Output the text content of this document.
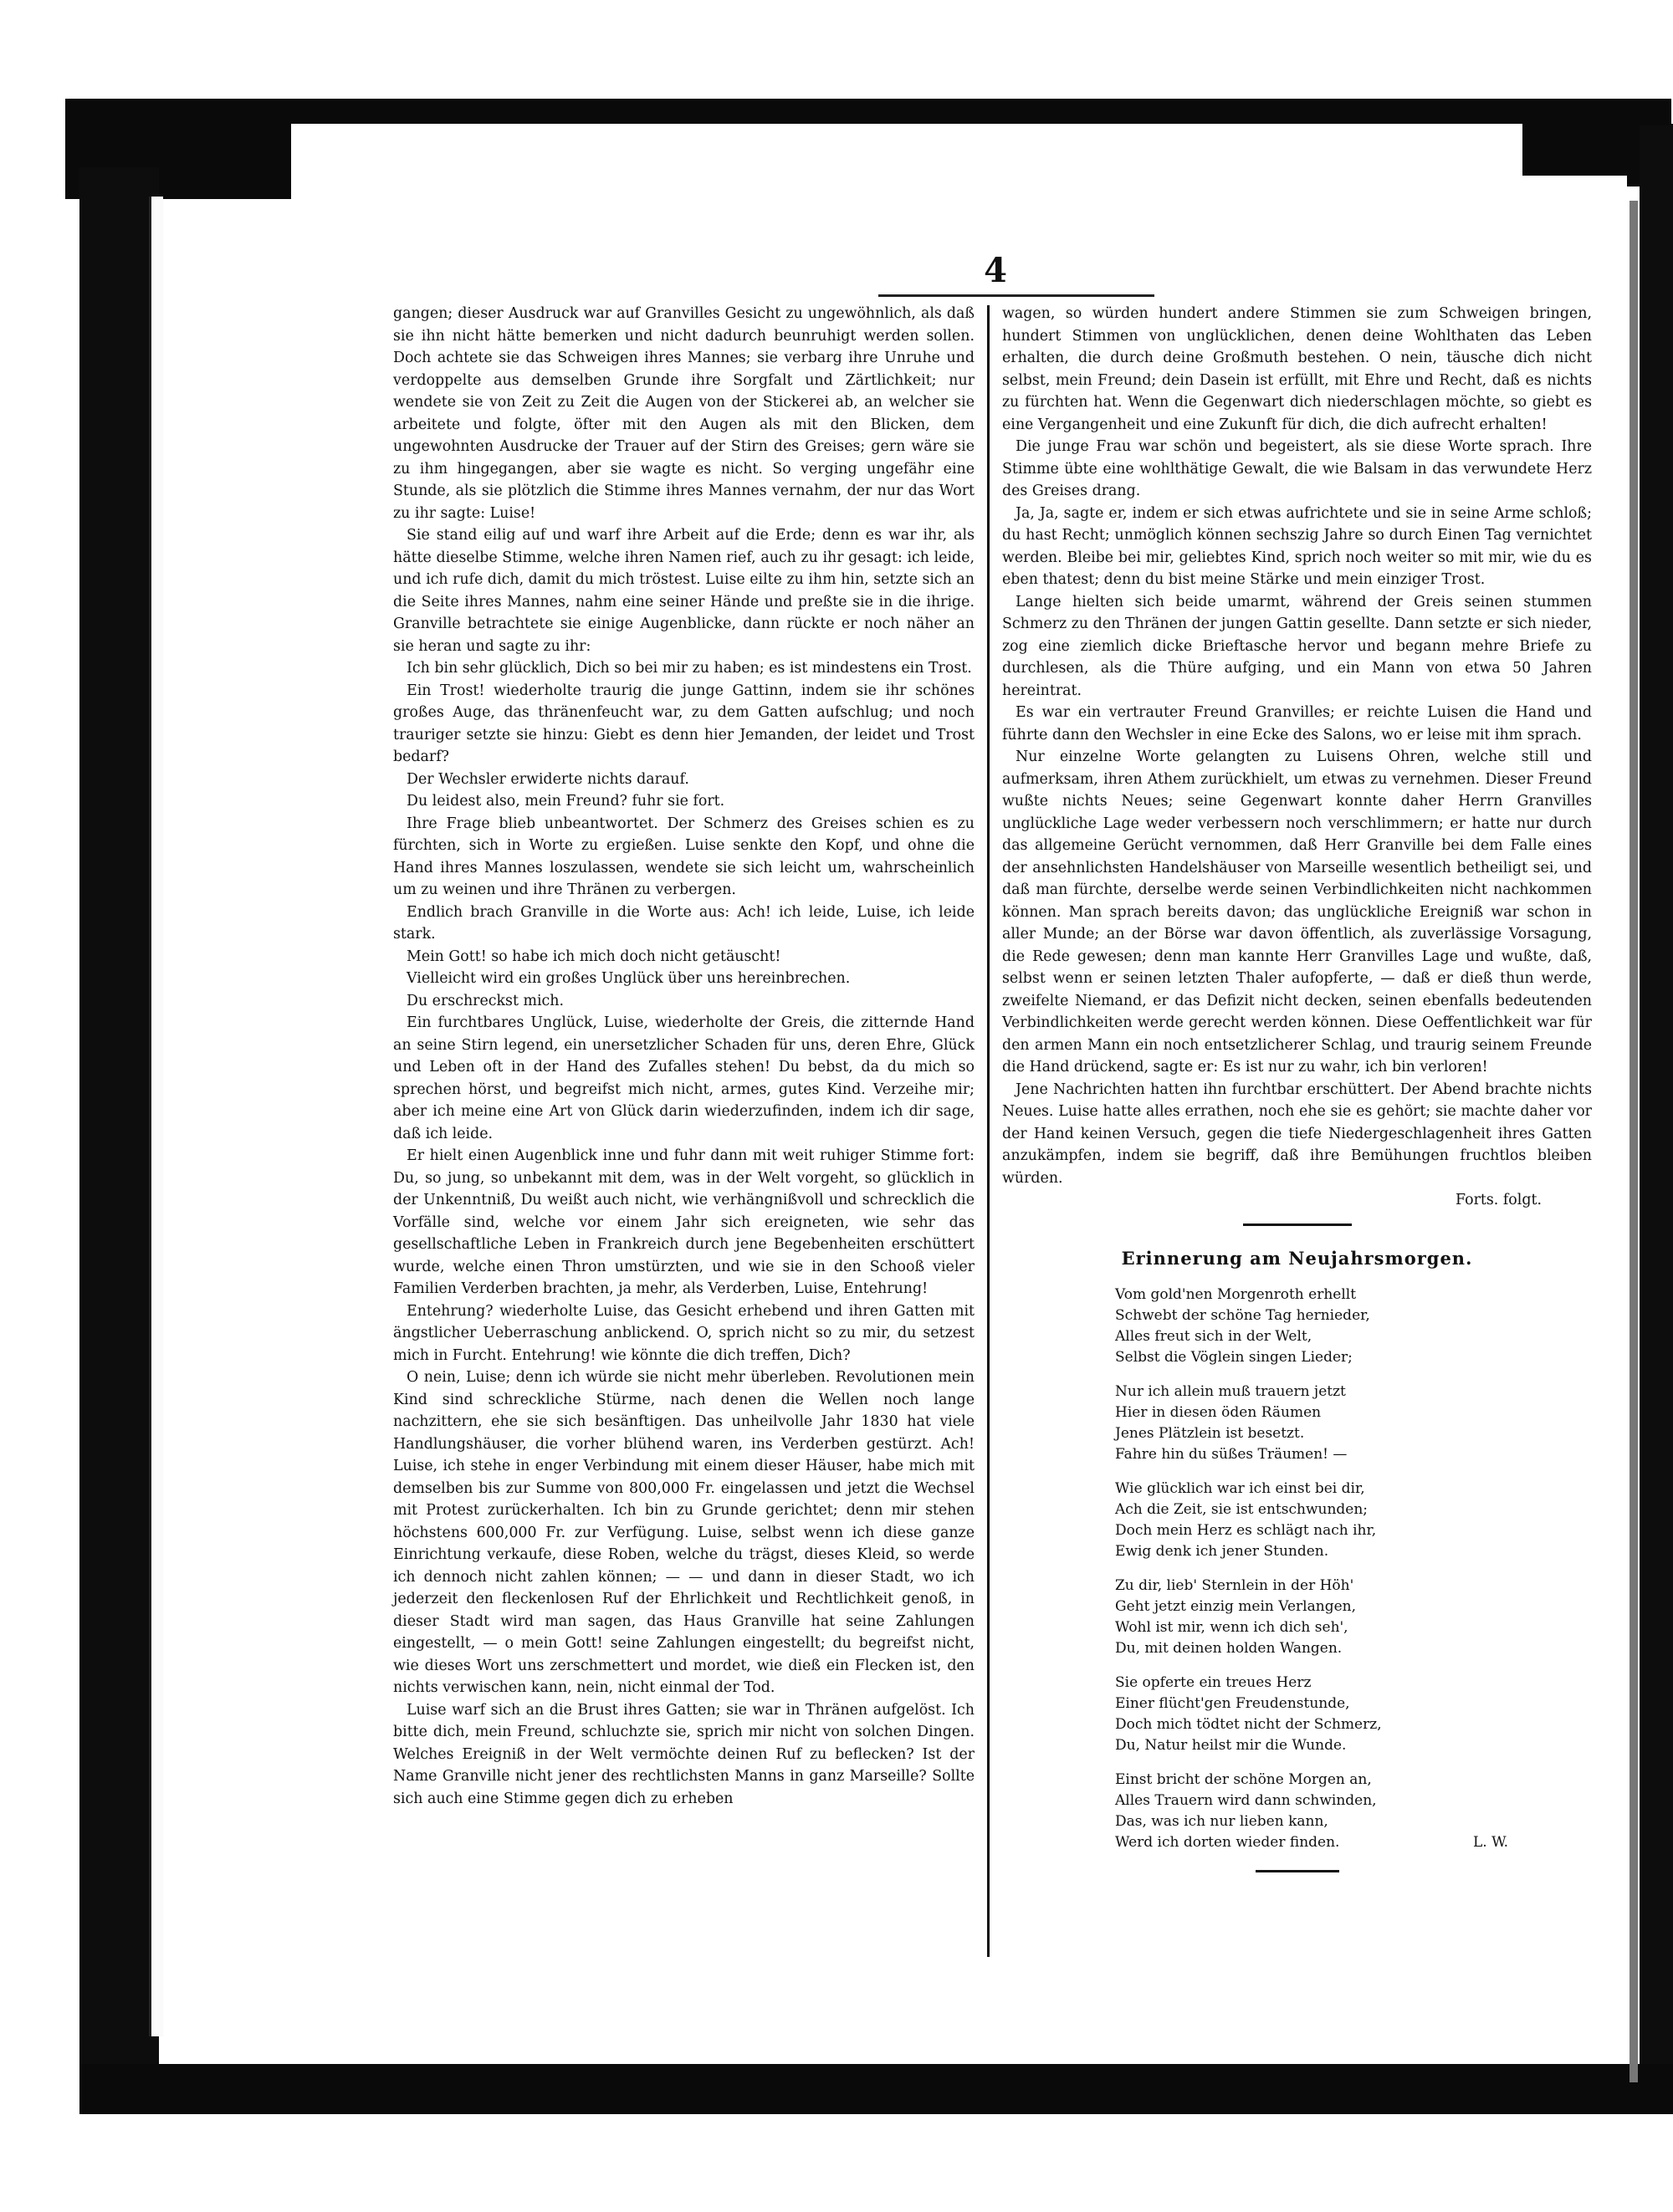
4

gangen; dieser Ausdruck war auf Granvilles Gesicht zu ungewöhnlich, als daß sie ihn nicht hätte bemerken und nicht dadurch beunruhigt werden sollen. Doch achtete sie das Schweigen ihres Mannes; sie verbarg ihre Unruhe und verdoppelte aus demselben Grunde ihre Sorgfalt und Zärtlichkeit; nur wendete sie von Zeit zu Zeit die Augen von der Stickerei ab, an welcher sie arbeitete und folgte, öfter mit den Augen als mit den Blicken, dem ungewohnten Ausdrucke der Trauer auf der Stirn des Greises; gern wäre sie zu ihm hingegangen, aber sie wagte es nicht. So verging ungefähr eine Stunde, als sie plötzlich die Stimme ihres Mannes vernahm, der nur das Wort zu ihr sagte: Luise!

Sie stand eilig auf und warf ihre Arbeit auf die Erde; denn es war ihr, als hätte dieselbe Stimme, welche ihren Namen rief, auch zu ihr gesagt: ich leide, und ich rufe dich, damit du mich tröstest. Luise eilte zu ihm hin, setzte sich an die Seite ihres Mannes, nahm eine seiner Hände und preßte sie in die ihrige. Granville betrachtete sie einige Augenblicke, dann rückte er noch näher an sie heran und sagte zu ihr:

Ich bin sehr glücklich, Dich so bei mir zu haben; es ist mindestens ein Trost.

Ein Trost! wiederholte traurig die junge Gattinn, indem sie ihr schönes großes Auge, das thränenfeucht war, zu dem Gatten aufschlug; und noch trauriger setzte sie hinzu: Giebt es denn hier Jemanden, der leidet und Trost bedarf?

Der Wechsler erwiderte nichts darauf.

Du leidest also, mein Freund? fuhr sie fort.

Ihre Frage blieb unbeantwortet. Der Schmerz des Greises schien es zu fürchten, sich in Worte zu ergießen. Luise senkte den Kopf, und ohne die Hand ihres Mannes loszulassen, wendete sie sich leicht um, wahrscheinlich um zu weinen und ihre Thränen zu verbergen.

Endlich brach Granville in die Worte aus: Ach! ich leide, Luise, ich leide stark.

Mein Gott! so habe ich mich doch nicht getäuscht!

Vielleicht wird ein großes Unglück über uns hereinbrechen.

Du erschreckst mich.

Ein furchtbares Unglück, Luise, wiederholte der Greis, die zitternde Hand an seine Stirn legend, ein unersetzlicher Schaden für uns, deren Ehre, Glück und Leben oft in der Hand des Zufalles stehen! Du bebst, da du mich so sprechen hörst, und begreifst mich nicht, armes, gutes Kind. Verzeihe mir; aber ich meine eine Art von Glück darin wiederzufinden, indem ich dir sage, daß ich leide.

Er hielt einen Augenblick inne und fuhr dann mit weit ruhiger Stimme fort: Du, so jung, so unbekannt mit dem, was in der Welt vorgeht, so glücklich in der Unkenntniß, Du weißt auch nicht, wie verhängnißvoll und schrecklich die Vorfälle sind, welche vor einem Jahr sich ereigneten, wie sehr das gesellschaftliche Leben in Frankreich durch jene Begebenheiten erschüttert wurde, welche einen Thron umstürzten, und wie sie in den Schooß vieler Familien Verderben brachten, ja mehr, als Verderben, Luise, Entehrung!

Entehrung? wiederholte Luise, das Gesicht erhebend und ihren Gatten mit ängstlicher Ueberraschung anblickend. O, sprich nicht so zu mir, du setzest mich in Furcht. Entehrung! wie könnte die dich treffen, Dich?

O nein, Luise; denn ich würde sie nicht mehr überleben. Revolutionen mein Kind sind schreckliche Stürme, nach denen die Wellen noch lange nachzittern, ehe sie sich besänftigen. Das unheilvolle Jahr 1830 hat viele Handlungshäuser, die vorher blühend waren, ins Verderben gestürzt. Ach! Luise, ich stehe in enger Verbindung mit einem dieser Häuser, habe mich mit demselben bis zur Summe von 800,000 Fr. eingelassen und jetzt die Wechsel mit Protest zurückerhalten. Ich bin zu Grunde gerichtet; denn mir stehen höchstens 600,000 Fr. zur Verfügung. Luise, selbst wenn ich diese ganze Einrichtung verkaufe, diese Roben, welche du trägst, dieses Kleid, so werde ich dennoch nicht zahlen können; — — und dann in dieser Stadt, wo ich jederzeit den fleckenlosen Ruf der Ehrlichkeit und Rechtlichkeit genoß, in dieser Stadt wird man sagen, das Haus Granville hat seine Zahlungen eingestellt, — o mein Gott! seine Zahlungen eingestellt; du begreifst nicht, wie dieses Wort uns zerschmettert und mordet, wie dieß ein Flecken ist, den nichts verwischen kann, nein, nicht einmal der Tod.

Luise warf sich an die Brust ihres Gatten; sie war in Thränen aufgelöst. Ich bitte dich, mein Freund, schluchzte sie, sprich mir nicht von solchen Dingen. Welches Ereigniß in der Welt vermöchte deinen Ruf zu beflecken? Ist der Name Granville nicht jener des rechtlichsten Manns in ganz Marseille? Sollte sich auch eine Stimme gegen dich zu erheben

wagen, so würden hundert andere Stimmen sie zum Schweigen bringen, hundert Stimmen von unglücklichen, denen deine Wohlthaten das Leben erhalten, die durch deine Großmuth bestehen. O nein, täusche dich nicht selbst, mein Freund; dein Dasein ist erfüllt, mit Ehre und Recht, daß es nichts zu fürchten hat. Wenn die Gegenwart dich niederschlagen möchte, so giebt es eine Vergangenheit und eine Zukunft für dich, die dich aufrecht erhalten!

Die junge Frau war schön und begeistert, als sie diese Worte sprach. Ihre Stimme übte eine wohlthätige Gewalt, die wie Balsam in das verwundete Herz des Greises drang.

Ja, Ja, sagte er, indem er sich etwas aufrichtete und sie in seine Arme schloß; du hast Recht; unmöglich können sechszig Jahre so durch Einen Tag vernichtet werden. Bleibe bei mir, geliebtes Kind, sprich noch weiter so mit mir, wie du es eben thatest; denn du bist meine Stärke und mein einziger Trost.

Lange hielten sich beide umarmt, während der Greis seinen stummen Schmerz zu den Thränen der jungen Gattin gesellte. Dann setzte er sich nieder, zog eine ziemlich dicke Brieftasche hervor und begann mehre Briefe zu durchlesen, als die Thüre aufging, und ein Mann von etwa 50 Jahren hereintrat.

Es war ein vertrauter Freund Granvilles; er reichte Luisen die Hand und führte dann den Wechsler in eine Ecke des Salons, wo er leise mit ihm sprach.

Nur einzelne Worte gelangten zu Luisens Ohren, welche still und aufmerksam, ihren Athem zurückhielt, um etwas zu vernehmen. Dieser Freund wußte nichts Neues; seine Gegenwart konnte daher Herrn Granvilles unglückliche Lage weder verbessern noch verschlimmern; er hatte nur durch das allgemeine Gerücht vernommen, daß Herr Granville bei dem Falle eines der ansehnlichsten Handelshäuser von Marseille wesentlich betheiligt sei, und daß man fürchte, derselbe werde seinen Verbindlichkeiten nicht nachkommen können. Man sprach bereits davon; das unglückliche Ereigniß war schon in aller Munde; an der Börse war davon öffentlich, als zuverlässige Vorsagung, die Rede gewesen; denn man kannte Herr Granvilles Lage und wußte, daß, selbst wenn er seinen letzten Thaler aufopferte, — daß er dieß thun werde, zweifelte Niemand, er das Defizit nicht decken, seinen ebenfalls bedeutenden Verbindlichkeiten werde gerecht werden können. Diese Oeffentlichkeit war für den armen Mann ein noch entsetzlicherer Schlag, und traurig seinem Freunde die Hand drückend, sagte er: Es ist nur zu wahr, ich bin verloren!

Jene Nachrichten hatten ihn furchtbar erschüttert. Der Abend brachte nichts Neues. Luise hatte alles errathen, noch ehe sie es gehört; sie machte daher vor der Hand keinen Versuch, gegen die tiefe Niedergeschlagenheit ihres Gatten anzukämpfen, indem sie begriff, daß ihre Bemühungen fruchtlos bleiben würden.

Forts. folgt.
Erinnerung am Neujahrsmorgen.
Vom gold'nen Morgenroth erhellt
Schwebt der schöne Tag hernieder,
Alles freut sich in der Welt,
Selbst die Vöglein singen Lieder;
Nur ich allein muß trauern jetzt
Hier in diesen öden Räumen
Jenes Plätzlein ist besetzt.
Fahre hin du süßes Träumen! —
Wie glücklich war ich einst bei dir,
Ach die Zeit, sie ist entschwunden;
Doch mein Herz es schlägt nach ihr,
Ewig denk ich jener Stunden.
Zu dir, lieb' Sternlein in der Höh'
Geht jetzt einzig mein Verlangen,
Wohl ist mir, wenn ich dich seh',
Du, mit deinen holden Wangen.
Sie opferte ein treues Herz
Einer flücht'gen Freudenstunde,
Doch mich tödtet nicht der Schmerz,
Du, Natur heilst mir die Wunde.
Einst bricht der schöne Morgen an,
Alles Trauern wird dann schwinden,
Das, was ich nur lieben kann,
Werd ich dorten wieder finden.	L. W.
